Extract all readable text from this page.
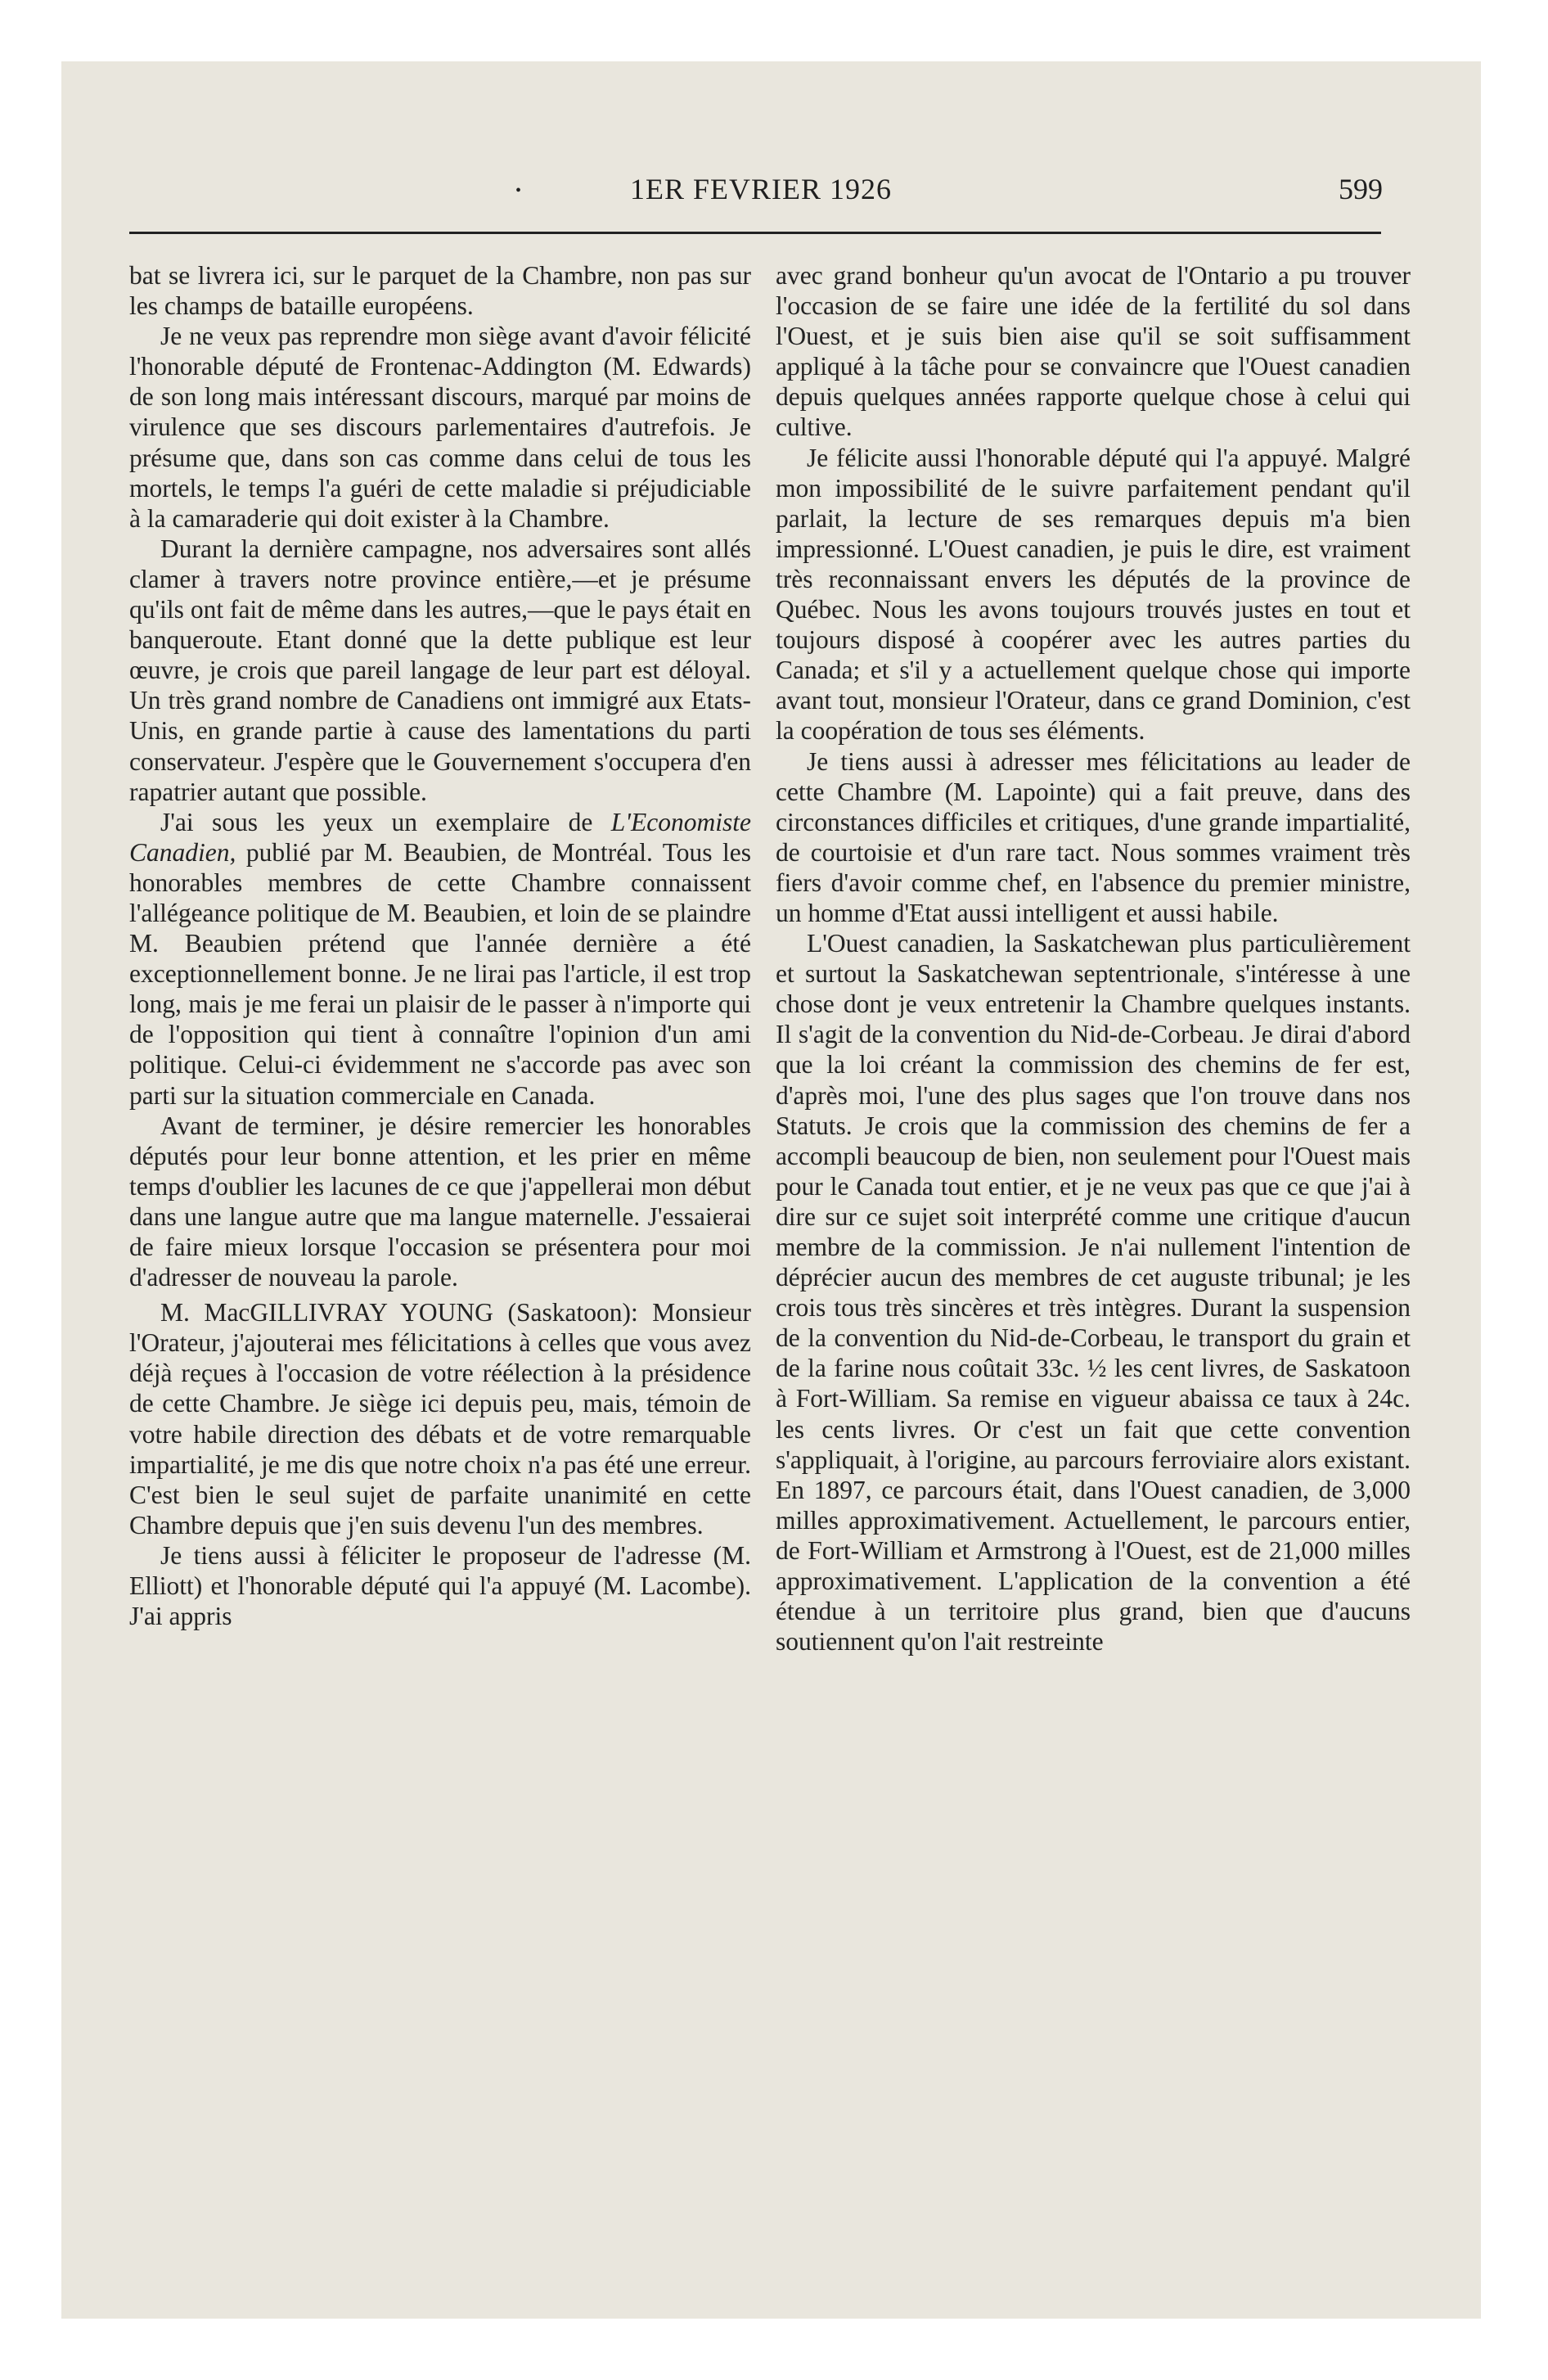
•	1ER FEVRIER 1926	599

bat se livrera ici, sur le parquet de la Chambre, non pas sur les champs de bataille européens.

Je ne veux pas reprendre mon siège avant d'avoir félicité l'honorable député de Frontenac-Addington (M. Edwards) de son long mais intéressant discours, marqué par moins de virulence que ses discours parlementaires d'autrefois. Je présume que, dans son cas comme dans celui de tous les mortels, le temps l'a guéri de cette maladie si préjudiciable à la camaraderie qui doit exister à la Chambre.

Durant la dernière campagne, nos adversaires sont allés clamer à travers notre province entière,—et je présume qu'ils ont fait de même dans les autres,—que le pays était en banqueroute. Etant donné que la dette publique est leur œuvre, je crois que pareil langage de leur part est déloyal. Un très grand nombre de Canadiens ont immigré aux Etats-Unis, en grande partie à cause des lamentations du parti conservateur. J'espère que le Gouvernement s'occupera d'en rapatrier autant que possible.

J'ai sous les yeux un exemplaire de L'Economiste Canadien, publié par M. Beaubien, de Montréal. Tous les honorables membres de cette Chambre connaissent l'allégeance politique de M. Beaubien, et loin de se plaindre M. Beaubien prétend que l'année dernière a été exceptionnellement bonne. Je ne lirai pas l'article, il est trop long, mais je me ferai un plaisir de le passer à n'importe qui de l'opposition qui tient à connaître l'opinion d'un ami politique. Celui-ci évidemment ne s'accorde pas avec son parti sur la situation commerciale en Canada.

Avant de terminer, je désire remercier les honorables députés pour leur bonne attention, et les prier en même temps d'oublier les lacunes de ce que j'appellerai mon début dans une langue autre que ma langue maternelle. J'essaierai de faire mieux lorsque l'occasion se présentera pour moi d'adresser de nouveau la parole.

M. MacGILLIVRAY YOUNG (Saskatoon): Monsieur l'Orateur, j'ajouterai mes félicitations à celles que vous avez déjà reçues à l'occasion de votre réélection à la présidence de cette Chambre. Je siège ici depuis peu, mais, témoin de votre habile direction des débats et de votre remarquable impartialité, je me dis que notre choix n'a pas été une erreur. C'est bien le seul sujet de parfaite unanimité en cette Chambre depuis que j'en suis devenu l'un des membres.

Je tiens aussi à féliciter le proposeur de l'adresse (M. Elliott) et l'honorable député qui l'a appuyé (M. Lacombe). J'ai appris

avec grand bonheur qu'un avocat de l'Ontario a pu trouver l'occasion de se faire une idée de la fertilité du sol dans l'Ouest, et je suis bien aise qu'il se soit suffisamment appliqué à la tâche pour se convaincre que l'Ouest canadien depuis quelques années rapporte quelque chose à celui qui cultive.

Je félicite aussi l'honorable député qui l'a appuyé. Malgré mon impossibilité de le suivre parfaitement pendant qu'il parlait, la lecture de ses remarques depuis m'a bien impressionné. L'Ouest canadien, je puis le dire, est vraiment très reconnaissant envers les députés de la province de Québec. Nous les avons toujours trouvés justes en tout et toujours disposé à coopérer avec les autres parties du Canada; et s'il y a actuellement quelque chose qui importe avant tout, monsieur l'Orateur, dans ce grand Dominion, c'est la coopération de tous ses éléments.

Je tiens aussi à adresser mes félicitations au leader de cette Chambre (M. Lapointe) qui a fait preuve, dans des circonstances difficiles et critiques, d'une grande impartialité, de courtoisie et d'un rare tact. Nous sommes vraiment très fiers d'avoir comme chef, en l'absence du premier ministre, un homme d'Etat aussi intelligent et aussi habile.

L'Ouest canadien, la Saskatchewan plus particulièrement et surtout la Saskatchewan septentrionale, s'intéresse à une chose dont je veux entretenir la Chambre quelques instants. Il s'agit de la convention du Nid-de-Corbeau. Je dirai d'abord que la loi créant la commission des chemins de fer est, d'après moi, l'une des plus sages que l'on trouve dans nos Statuts. Je crois que la commission des chemins de fer a accompli beaucoup de bien, non seulement pour l'Ouest mais pour le Canada tout entier, et je ne veux pas que ce que j'ai à dire sur ce sujet soit interprété comme une critique d'aucun membre de la commission. Je n'ai nullement l'intention de déprécier aucun des membres de cet auguste tribunal; je les crois tous très sincères et très intègres. Durant la suspension de la convention du Nid-de-Corbeau, le transport du grain et de la farine nous coûtait 33c. ½ les cent livres, de Saskatoon à Fort-William. Sa remise en vigueur abaissa ce taux à 24c. les cents livres. Or c'est un fait que cette convention s'appliquait, à l'origine, au parcours ferroviaire alors existant. En 1897, ce parcours était, dans l'Ouest canadien, de 3,000 milles approximativement. Actuellement, le parcours entier, de Fort-William et Armstrong à l'Ouest, est de 21,000 milles approximativement. L'application de la convention a été étendue à un territoire plus grand, bien que d'aucuns soutiennent qu'on l'ait restreinte
